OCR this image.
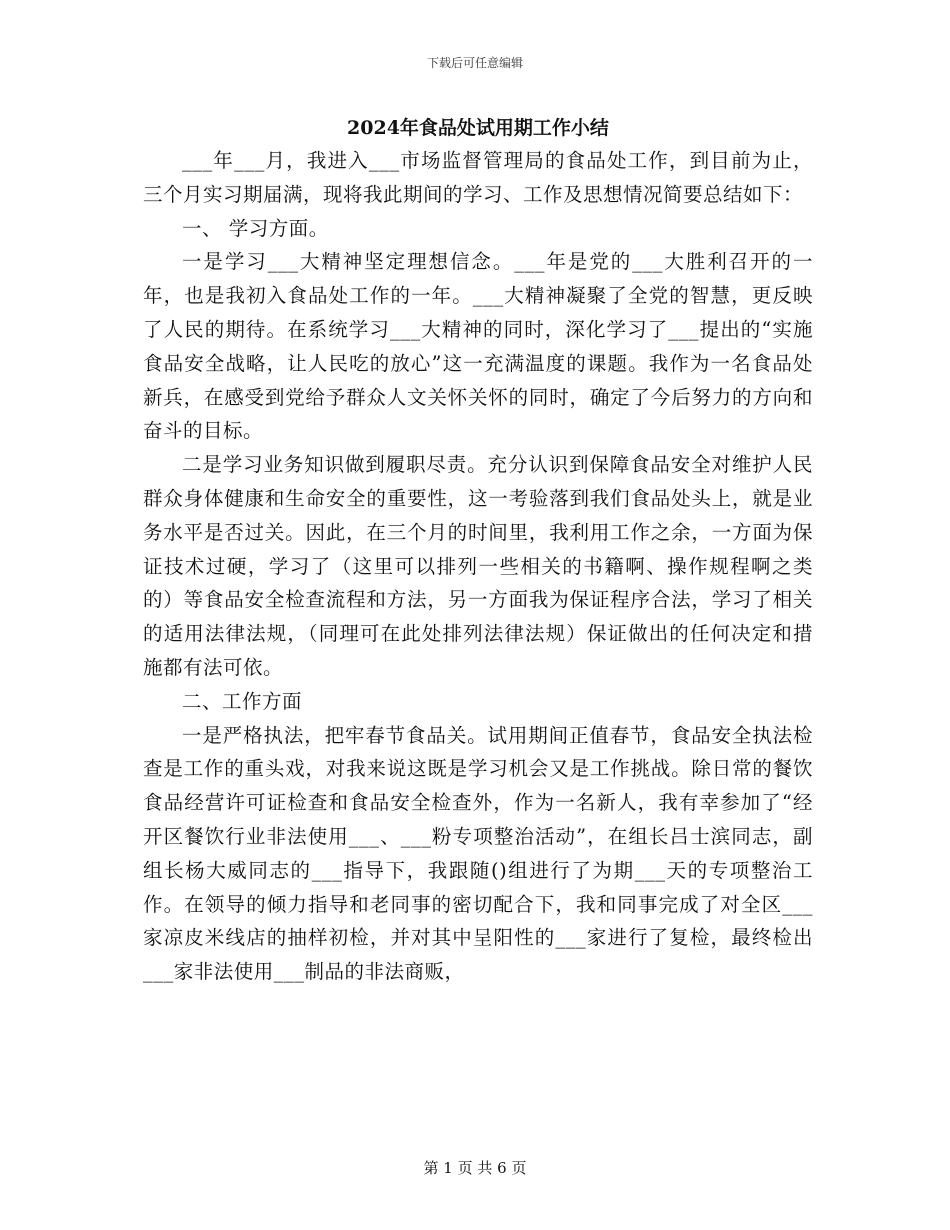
下载后可任意编辑
2024年食品处试用期工作小结

___年___月，我进入___市场监督管理局的食品处工作，到目前为止，三个月实习期届满，现将我此期间的学习、工作及思想情况简要总结如下：

一、 学习方面。

一是学习___大精神坚定理想信念。___年是党的___大胜利召开的一年，也是我初入食品处工作的一年。___大精神凝聚了全党的智慧，更反映了人民的期待。在系统学习___大精神的同时，深化学习了___提出的“实施食品安全战略，让人民吃的放心”这一充满温度的课题。我作为一名食品处新兵，在感受到党给予群众人文关怀关怀的同时，确定了今后努力的方向和奋斗的目标。

二是学习业务知识做到履职尽责。充分认识到保障食品安全对维护人民群众身体健康和生命安全的重要性，这一考验落到我们食品处头上，就是业务水平是否过关。因此，在三个月的时间里，我利用工作之余，一方面为保证技术过硬，学习了（这里可以排列一些相关的书籍啊、操作规程啊之类的）等食品安全检查流程和方法，另一方面我为保证程序合法，学习了相关的适用法律法规，（同理可在此处排列法律法规）保证做出的任何决定和措施都有法可依。

二、工作方面

一是严格执法，把牢春节食品关。试用期间正值春节，食品安全执法检查是工作的重头戏，对我来说这既是学习机会又是工作挑战。除日常的餐饮食品经营许可证检查和食品安全检查外，作为一名新人，我有幸参加了“经开区餐饮行业非法使用___、___粉专项整治活动”，在组长吕士滨同志，副组长杨大威同志的___指导下，我跟随()组进行了为期___天的专项整治工作。在领导的倾力指导和老同事的密切配合下，我和同事完成了对全区___家凉皮米线店的抽样初检，并对其中呈阳性的___家进行了复检，最终检出___家非法使用___制品的非法商贩，

第 1 页 共 6 页
